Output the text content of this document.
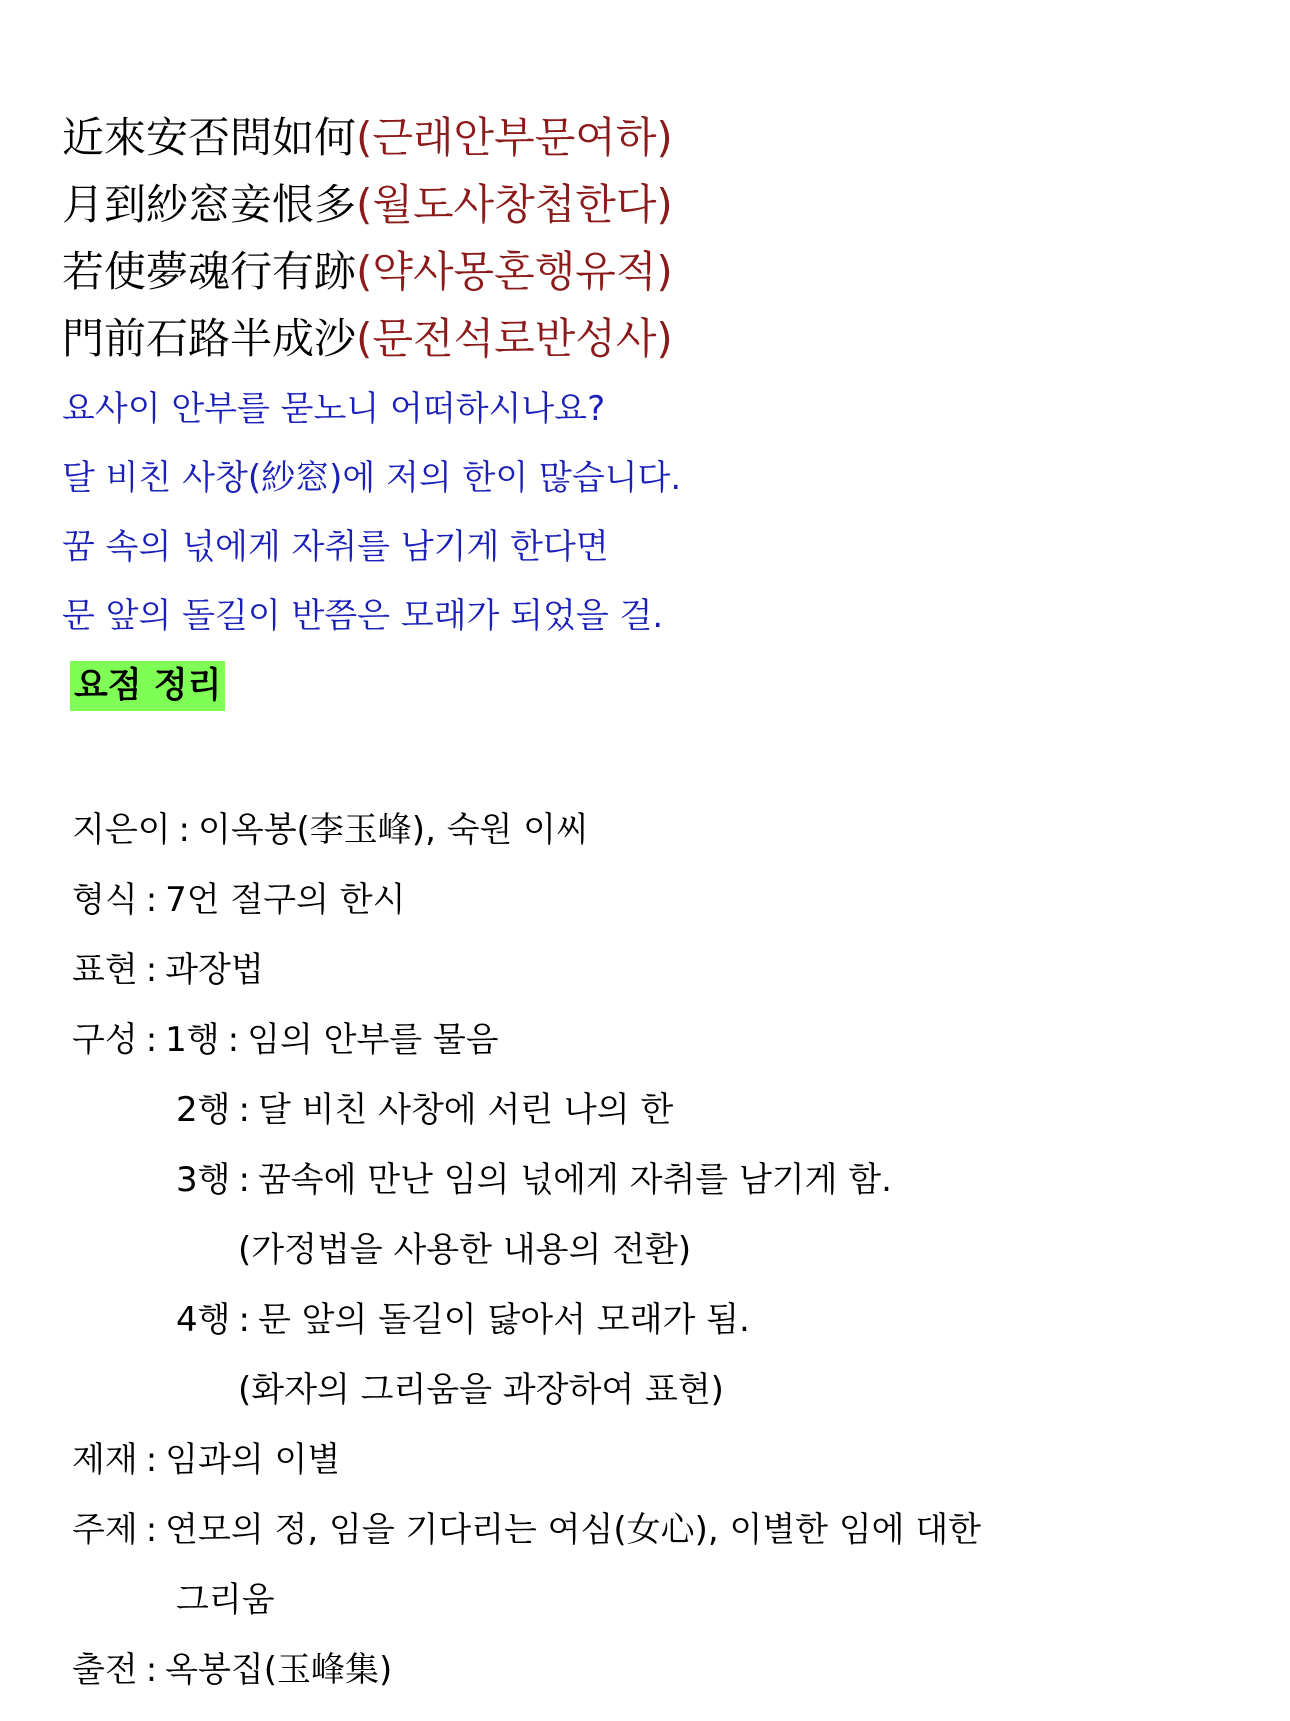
近來安否問如何(근래안부문여하)
月到紗窓妾恨多(월도사창첩한다)
若使夢魂行有跡(약사몽혼행유적)
門前石路半成沙(문전석로반성사)
요사이 안부를 묻노니 어떠하시나요?
달 비친 사창(紗窓)에 저의 한이 많습니다.
꿈 속의 넋에게 자취를 남기게 한다면
문 앞의 돌길이 반쯤은 모래가 되었을 걸.
요점 정리
지은이 : 이옥봉(李玉峰), 숙원 이씨
형식 : 7언 절구의 한시
표현 : 과장법
구성 : 1행 : 임의 안부를 물음
2행 : 달 비친 사창에 서린 나의 한
3행 : 꿈속에 만난 임의 넋에게 자취를 남기게 함.
(가정법을 사용한 내용의 전환)
4행 : 문 앞의 돌길이 닳아서 모래가 됨.
(화자의 그리움을 과장하여 표현)
제재 : 임과의 이별
주제 : 연모의 정, 임을 기다리는 여심(女心), 이별한 임에 대한
그리움
출전 : 옥봉집(玉峰集)
